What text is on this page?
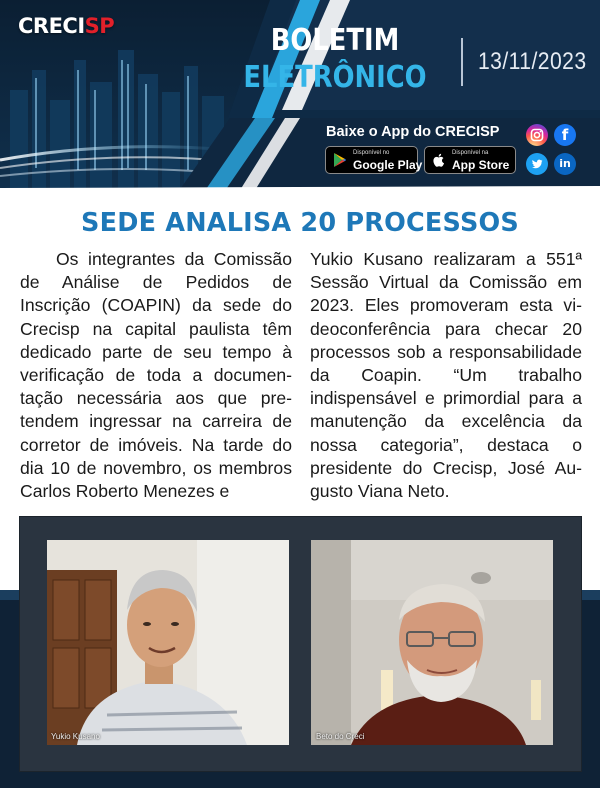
CRECISP	BOLETIM
ELETRÔNICO 13/11/2023
Baixe o App do CRECISP
Disponível no
Google Play
Disponível na
App Store
f
in
SEDE ANALISA 20 PROCESSOS

Os integrantes da Comissão de Análise de Pedidos de Inscrição (COAPIN) da sede do Crecisp na capital paulista têm dedicado parte de seu tempo à verificação de toda a documentação necessária aos que pretendem ingressar na carreira de corretor de imóveis. Na tarde do dia 10 de novembro, os membros Carlos Roberto Menezes e

Yukio Kusano realizaram a 551ª Sessão Virtual da Comissão em 2023. Eles promoveram esta videoconferência para checar 20 processos sob a responsabilidade da Coapin. “Um trabalho indispensável e primordial para a manutenção da excelência da nossa categoria”, destaca o presidente do Crecisp, José Augusto Viana Neto.

Yukio Kusano	Beto do Creci
